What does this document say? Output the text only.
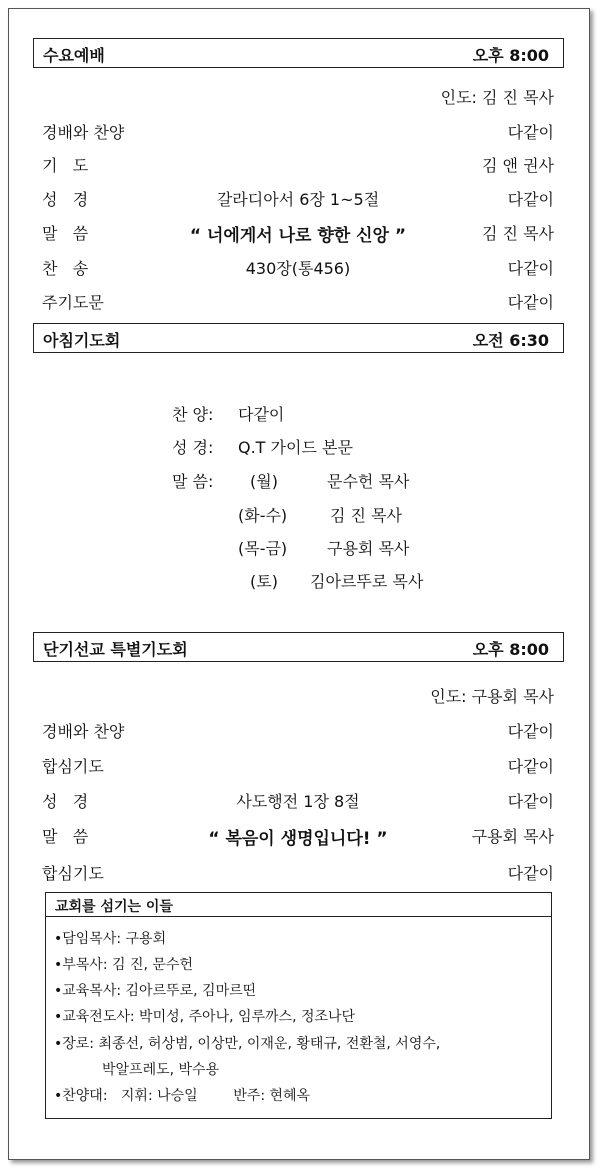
수요예배	오후 8:00
인도: 김 진 목사
경배와 찬양	다같이
기   도	김 앤 권사
성   경	갈라디아서 6장 1~5절	다같이
말   씀	“ 너에게서 나로 향한 신앙 ”	김 진 목사
찬   송	430장(통456)	다같이
주기도문	다같이
아침기도회	오전 6:30
찬 양: 다같이
성 경: Q.T 가이드 본문
말 씀: (월)	문수헌 목사
(화-수)	김 진 목사
(목-금) 구용회 목사
(토) 김아르뚜로 목사
단기선교 특별기도회	오후 8:00
인도: 구용회 목사
경배와 찬양	다같이
합심기도	다같이
성   경	사도행전 1장 8절	다같이
말   씀	“ 복음이 생명입니다! ”	구용회 목사
합심기도	다같이
교회를 섬기는 이들
•담임목사: 구용회
•부목사: 김 진, 문수헌
•교육목사: 김아르뚜로, 김마르띤
•교육전도사: 박미성, 주아나, 임루까스, 정조나단
•장로: 최종선, 허상범, 이상만, 이재운, 황태규, 전환철, 서영수,
박알프레도, 박수용
•찬양대:   지휘: 나승일        반주: 현혜옥
